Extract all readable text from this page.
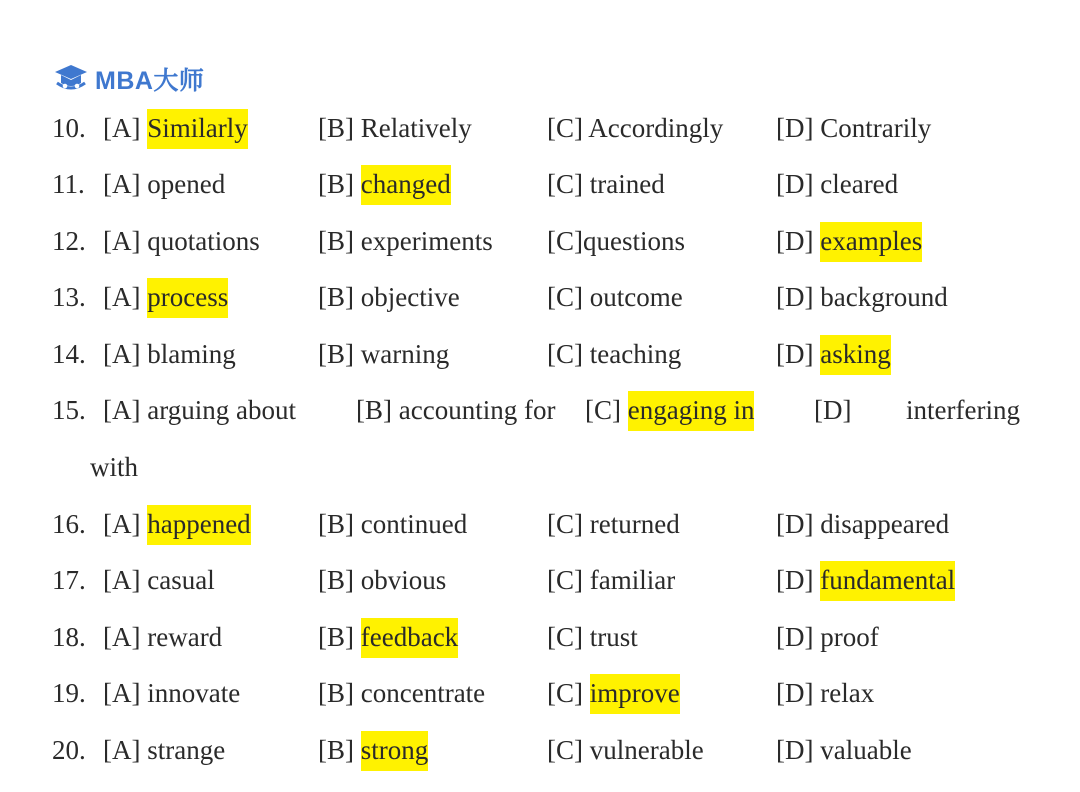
MBA大师
10. [A] Similarly	[B] Relatively	[C] Accordingly [D] Contrarily
11. [A] opened	[B] changed	[C] trained	[D] cleared
12. [A] quotations [B] experiments [C]questions	[D] examples
13. [A] process	[B] objective	[C] outcome	[D] background
14. [A] blaming	[B] warning	[C] teaching	[D] asking
15. [A] arguing about [B] accounting for [C] engaging in [D] interfering
with
16. [A] happened [B] continued	[C] returned	[D] disappeared
17. [A] casual	[B] obvious	[C] familiar	[D] fundamental
18. [A] reward	[B] feedback	[C] trust	[D] proof
19. [A] innovate	[B] concentrate [C] improve	[D] relax
20. [A] strange	[B] strong	[C] vulnerable	[D] valuable
